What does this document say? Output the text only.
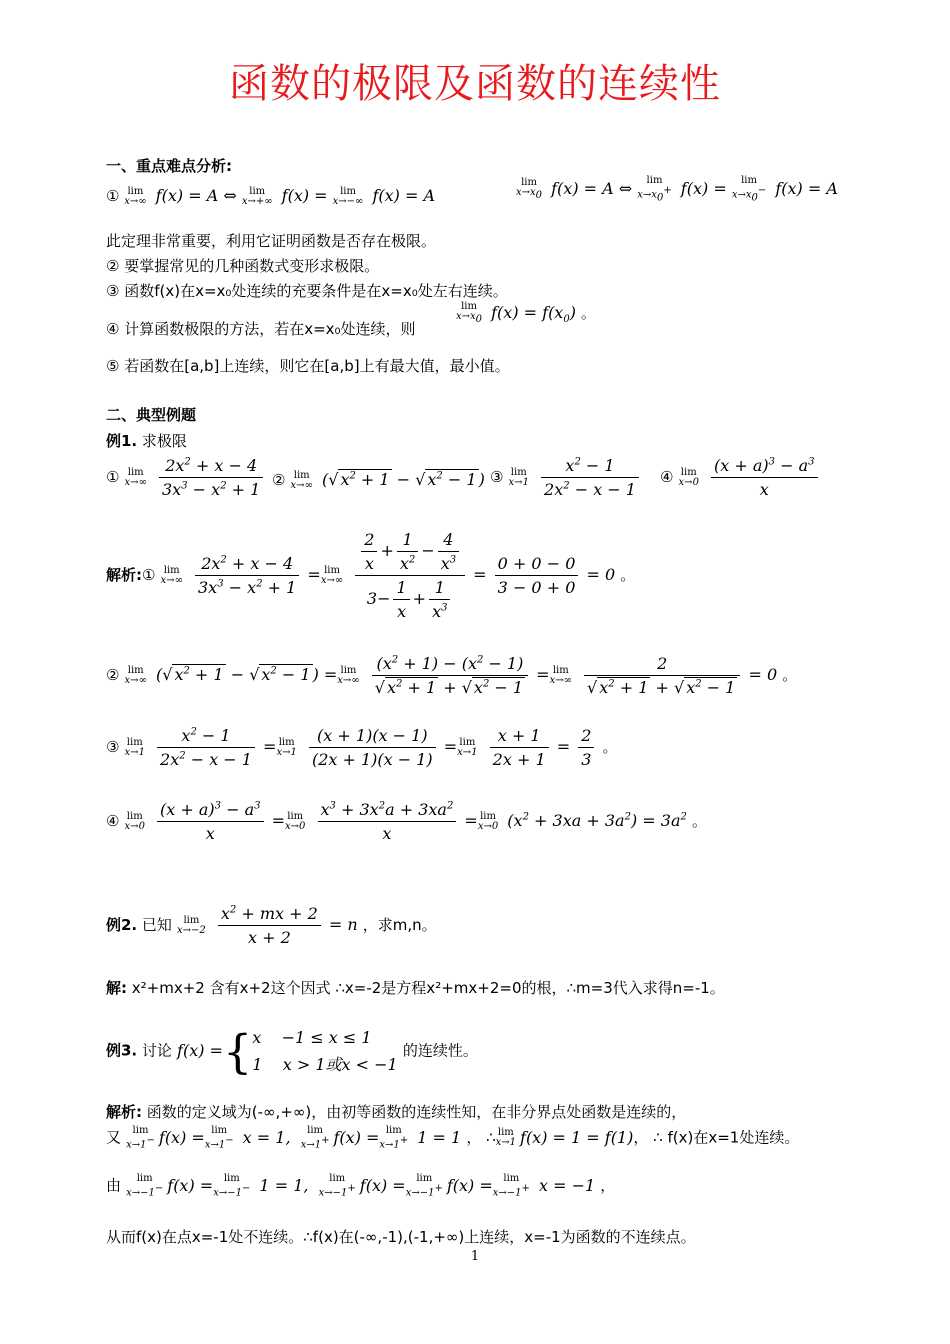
函数的极限及函数的连续性
一、重点难点分析:
① lim
x→∞ f(x) = A ⇔ lim
x→+∞ f(x) = lim
x→−∞ f(x) = A
lim
$x\to x_0$ f(x) = A ⇔ lim
$x\to x_0^+$ f(x) = lim
$x\to x_0^-$ f(x) = A
此定理非常重要，利用它证明函数是否存在极限。
② 要掌握常见的几种函数式变形求极限。
③ 函数f(x)在x=x₀处连续的充要条件是在x=x₀处左右连续。
④ 计算函数极限的方法，若在x=x₀处连续，则
lim
$x\to x_0$ $f(x) = f(x_0)$ 。
⑤ 若函数在[a,b]上连续，则它在[a,b]上有最大值，最小值。
二、典型例题
例1. 求极限
① lim
x→∞
$\frac{2x^2 + x - 4}{3x^3 - x^2 + 1}$ ② lim
x→∞ (√ $x^2 + 1$ − √ $x^2 - 1$ ) ③ lim
x→1
$\frac{x^2 - 1}{2x^2 - x - 1}$ ④ lim
x→0
$\frac{(x + a)^3 - a^3}{x}$
解析:① lim
x→∞
$\frac{2x^2 + x - 4}{3x^3 - x^2 + 1} = \lim$
x→∞
$\frac{\frac{2}{x} + \frac{1}{x^2} - \frac{4}{x^3}}{3- \frac{1}{x} + \frac{1}{x^3}} = \frac{0 + 0 - 0}{3 - 0 + 0} = 0$ 。
② lim
x→∞ (√ $x^2 + 1$ − √ $x^2 - 1$ ) = lim
x→∞
$\frac{(x^2 + 1) - (x^2 - 1)}{√ x^2 + 1 + √ x^2 - 1} = \lim$
x→∞
$\frac{2}{√ x^2 + 1 + √ x^2 - 1} = 0$ 。
③ lim
x→1
$\frac{x^2 - 1}{2x^2 - x - 1} = \lim$
x→1
$\frac{(x + 1)(x - 1)}{(2x + 1)(x - 1)} = \lim$
x→1
$\frac{x + 1}{2x + 1} = \frac{2}{3}$ 。
④ lim
x→0
$\frac{(x + a)^3 - a^3}{x} = \lim$
x→0
$\frac{x^3 + 3x^2a + 3xa^2}{x} = \lim$
x→0 $(x^2 + 3xa + 3a^2) = 3a^2$ 。
例2. 已知	lim
x→−2
$\frac{x^2 + mx + 2}{x + 2} = n$ ，求m,n。
解: x²+mx+2 含有x+2这个因式 ∴x=-2是方程x²+mx+2=0的根，∴m=3代入求得n=-1。
例3. 讨论 f(x) ={x    −1 ≤ x ≤ 1
1    x > 1或x < −1 的连续性。
解析: 函数的定义域为(-∞,+∞)，由初等函数的连续性知，在非分界点处函数是连续的，
又	lim
x→1− f(x) = lim
x→1− x = 1, lim
x→1+ f(x) = lim
x→1+ 1 = 1 ， ∴ lim
x→1 f(x) = 1 = f(1)， ∴ f(x)在x=1处连续。
由	lim
x→−1− f(x) =	lim
x→−1− 1 = 1,	lim
x→−1+ f(x) =	lim
x→−1+ f(x) =	lim
x→−1+ x = −1 ，
从而f(x)在点x=-1处不连续。∴f(x)在(-∞,-1),(-1,+∞)上连续，x=-1为函数的不连续点。
1
